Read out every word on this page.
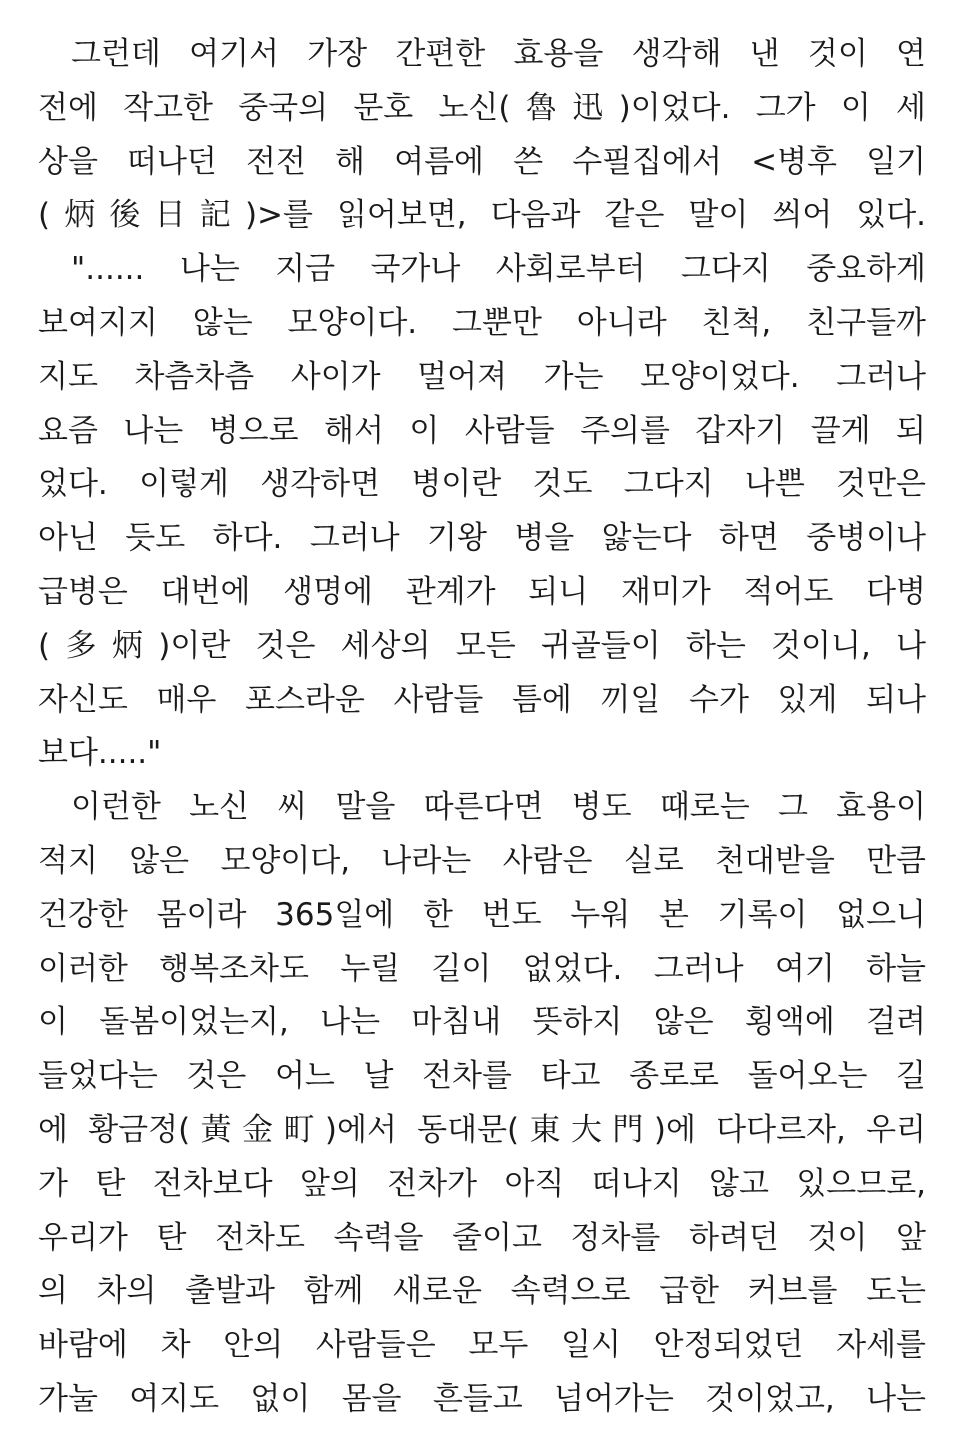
그런데 여기서 가장 간편한 효용을 생각해 낸 것이 연
전에 작고한 중국의 문호 노신(魯迅)이었다. 그가 이 세
상을 떠나던 전전 해 여름에 쓴 수필집에서 <병후 일기
(炳後日記)>를 읽어보면, 다음과 같은 말이 씌어 있다.
"...... 나는 지금 국가나 사회로부터 그다지 중요하게
보여지지 않는 모양이다. 그뿐만 아니라 친척, 친구들까
지도 차츰차츰 사이가 멀어져 가는 모양이었다. 그러나
요즘 나는 병으로 해서 이 사람들 주의를 갑자기 끌게 되
었다. 이렇게 생각하면 병이란 것도 그다지 나쁜 것만은
아닌 듯도 하다. 그러나 기왕 병을 앓는다 하면 중병이나
급병은 대번에 생명에 관계가 되니 재미가 적어도 다병
(多炳)이란 것은 세상의 모든 귀골들이 하는 것이니, 나
자신도 매우 포스라운 사람들 틈에 끼일 수가 있게 되나
보다....."
이런한 노신 씨 말을 따른다면 병도 때로는 그 효용이
적지 않은 모양이다, 나라는 사람은 실로 천대받을 만큼
건강한 몸이라 365일에 한 번도 누워 본 기록이 없으니
이러한 행복조차도 누릴 길이 없었다. 그러나 여기 하늘
이 돌봄이었는지, 나는 마침내 뜻하지 않은 횡액에 걸려
들었다는 것은 어느 날 전차를 타고 종로로 돌어오는 길
에 황금정(黃金町)에서 동대문(東大門)에 다다르자, 우리
가 탄 전차보다 앞의 전차가 아직 떠나지 않고 있으므로,
우리가 탄 전차도 속력을 줄이고 정차를 하려던 것이 앞
의 차의 출발과 함께 새로운 속력으로 급한 커브를 도는
바람에 차 안의 사람들은 모두 일시 안정되었던 자세를
가눌 여지도 없이 몸을 흔들고 넘어가는 것이었고, 나는
